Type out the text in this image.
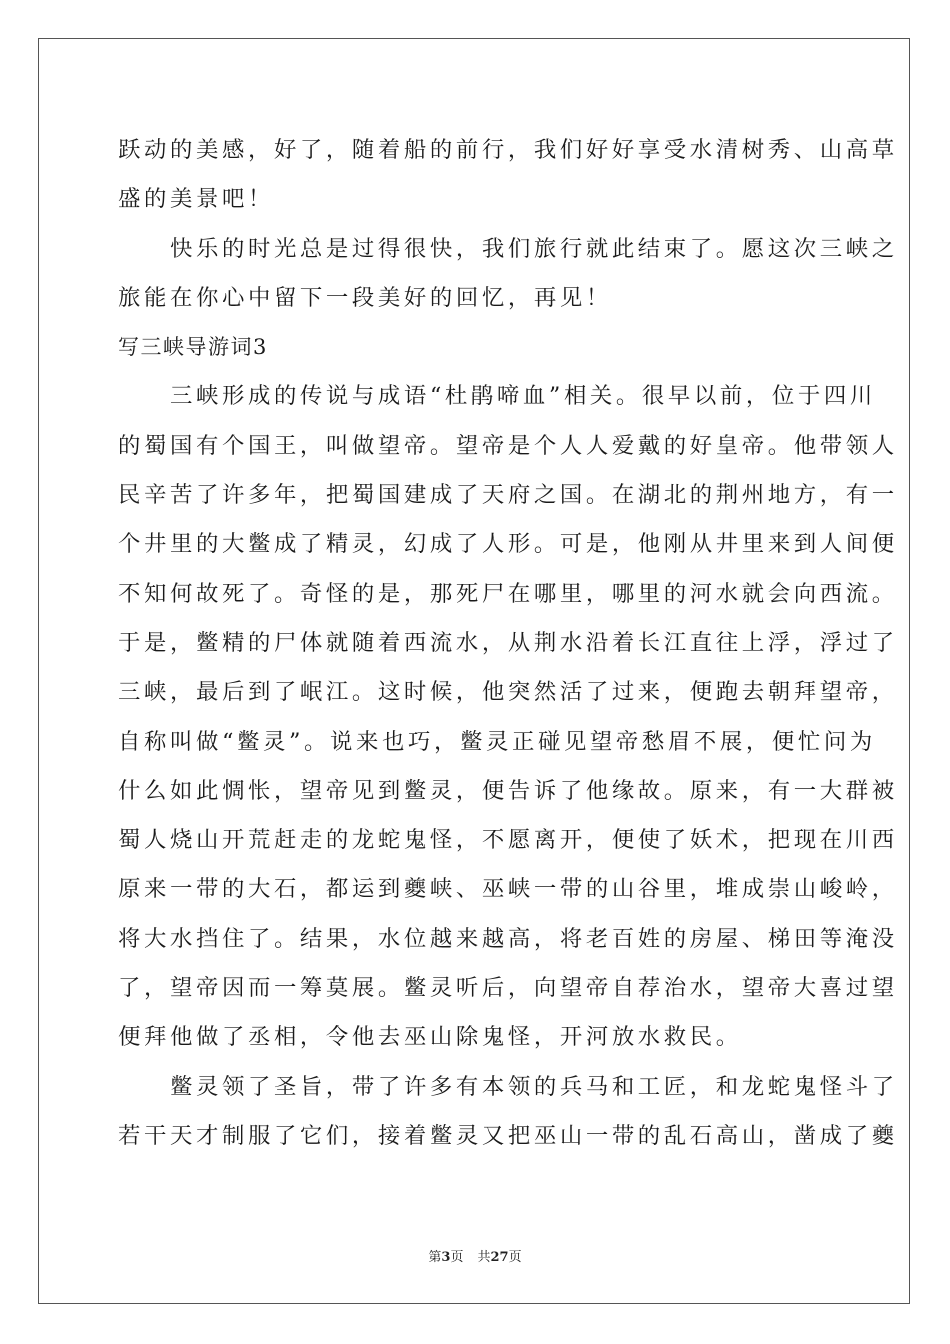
跃动的美感，好了，随着船的前行，我们好好享受水清树秀、山高草
盛的美景吧！
　　快乐的时光总是过得很快，我们旅行就此结束了。愿这次三峡之
旅能在你心中留下一段美好的回忆，再见！
写三峡导游词3
　　三峡形成的传说与成语“杜鹃啼血”相关。很早以前，位于四川
的蜀国有个国王，叫做望帝。望帝是个人人爱戴的好皇帝。他带领人
民辛苦了许多年，把蜀国建成了天府之国。在湖北的荆州地方，有一
个井里的大鳖成了精灵，幻成了人形。可是，他刚从井里来到人间便
不知何故死了。奇怪的是，那死尸在哪里，哪里的河水就会向西流。
于是，鳖精的尸体就随着西流水，从荆水沿着长江直往上浮，浮过了
三峡，最后到了岷江。这时候，他突然活了过来，便跑去朝拜望帝，
自称叫做“鳖灵”。说来也巧，鳖灵正碰见望帝愁眉不展，便忙问为
什么如此惆怅，望帝见到鳖灵，便告诉了他缘故。原来，有一大群被
蜀人烧山开荒赶走的龙蛇鬼怪，不愿离开，便使了妖术，把现在川西
原来一带的大石，都运到夔峡、巫峡一带的山谷里，堆成崇山峻岭，
将大水挡住了。结果，水位越来越高，将老百姓的房屋、梯田等淹没
了，望帝因而一筹莫展。鳖灵听后，向望帝自荐治水，望帝大喜过望
便拜他做了丞相，令他去巫山除鬼怪，开河放水救民。
　　鳖灵领了圣旨，带了许多有本领的兵马和工匠，和龙蛇鬼怪斗了
若干天才制服了它们，接着鳖灵又把巫山一带的乱石高山，凿成了夔
第3页 共27页
